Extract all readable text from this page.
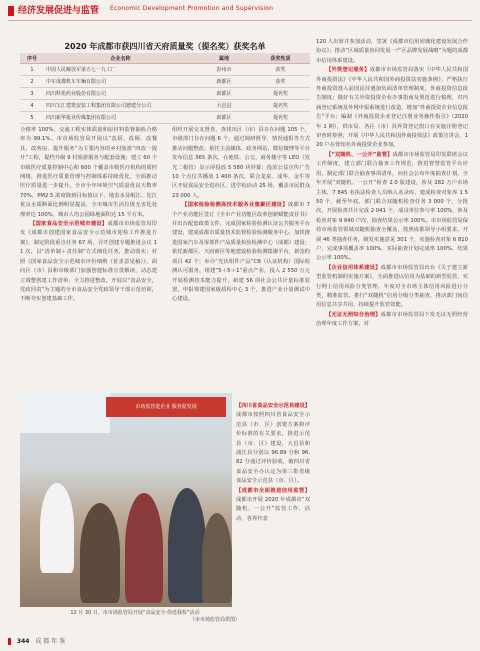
经济发展促进与监管 Economic Development Promotion and Supervision
2020 年成都市获四川省天府质量奖（提名奖）获奖名单
序号	企业名称	属地	获奖性质
1	中国人民解放军第五七一九工厂	彭州市	获奖
2	中车成都机车车辆有限公司	新都区	获奖
3	四川科伦药业股份有限公司	新都区	提名奖
4	四川宝汇建筑安装工程集团有限公司德建分公司	大邑县	提名奖
5	四川新华报业传媒集团有限公司	新都区	提名奖

合格率 100%，交通工程实体质量和原材料监督抽检合格率为 99.1%。市市场监管局开展以“改厨、改厕、改餐具、改客房、提升服务”为主要内容的乡村旅游“四改一提升”工程，提档升级 9 村旅游服务与配套设施；建立 60 个市级医疗质量控制中心和 600 个覆盖市级医疗机构的质控网络，推进医疗质量管理与控制体系持续优化，全面推动医疗质量进一步提升。全市全年环境空气质量优良天数率 70%，PM2.5 浓度降到目标值以下，地表水及岷江、沱江优良水质断面比例明显提高，全市城市生活垃圾无害化处理率达 100%，城市人均公园绿地面积达 15 平方米。

【国家食品安全示范城市建设】成都市市场监管局印发《成都市创建国家食品安全示范城市迎检工作推进方案》，制定阶段重点任务 67 项，召开创建专题推进会议 11 次，以“清单制＋责任制”方式细化任务，推动落实；对照《国家食品安全示范城市评价细则（征求意见稿）》，面向区（市）县和市级部门加强创建标准宣贯解读，动态建立调整创建工作清单，全力推进整改。开展以“食品安全，党政同责”为主题的全市食品安全党政领导干部示范培训，不断夯实创建基础工作。

组织开展交叉督查，查找出区（市）县存在问题 105 个，市级部门存在问题 6 个，通过调研督导、情况通报等方式推动问题整改；依托主流媒体、政务网站、微信微博等平台发布信息 365 条次，在地铁、公交、商务楼宇等 LED（发光二极管）显示屏投放 5 580 块屏幕；投放公益宣传广告 10 个点位共播放 1 400 条次，联合龙泉、成华、金牛等区开展食品安全进社区、进学校活动 25 场，覆盖市民群众 23 000 人。

【国家检验检测高技术服务业集聚区建设】成都市 7 个产业功能区签订《全市产业功能区改革创新赋能责任书》并出台配套政策文件，完成国家检验检测认证公共服务平台建设，建成成都市质量技术监督检验检测服务中心，加快推进国家汽车及零部件产品质量检验检测中心（成都）建设；依托新都区、天府新区等地建设检验检测集聚平台，新签约项目 42 个；举办“光伏组件产品”CB（认证机构）国际检测认可服务，组建“5＋5＋1”重点产业，投入 2 550 万元开展检测技术能力提升，新建 56 项社会公共计量标准装置，申报筹建国家级质检中心 3 个，推进产业计量测试中心建设。

【四川省食品安全示范县建设】成都市按照四川省食品安全示范县（市、区）创建方案和评价标准的有关要求，推进示范县（市、区）建设，大邑县和浦江县分别以 96.89 分和 96.82 分通过评价验收，被四川省食品安全办认定为第三批省级食品安全示范县（市、区）。

【成都市全面推进信用监管】成都市开展 2020 年成都市“双随机、一公开”监管工作，活动、各界代表

120 人出席并参加活动，签署《成都市信用同城化建设发展合作协议》；推动“区域质量协同发展一产区品牌发展战略”为题的成都市信用体系建设。

【外资登记服务】成都市市场监管局落实《中华人民共和国外商投资法》《中华人民共和国外商投资法实施条例》，严格执行外商投资准入前国民待遇加负面清单管理制度，外商投资信息报告制度；做好有关外资投资企业办事指南及规范进行梳理，对内涵登记系统及外网申报系统进行改造，增加“外商投资企业信息报告”平台；编制《外商投资企业登记注册业务操作指引》（2020 年 1 期），供市局、各区（市）县外资登记窗口在实施注册登记审查时参照；开展《中华人民共和国外商投资法》政策宣讲会，120 户在蓉知名外商投资企业参加。

【“双随机、一公开”监管】成都市市场监管局印发联席会议工作制度，建立部门联合抽查工作规范，推进智慧监管平台应用，制定部门联合抽查事项清单，向社会公布年度抽查计划，全年开展“双随机、一公开”检查 2.0 版建设，涉及 282 万户市场主体，7 845 名执法检查人员纳入名录库，建成检查对象库 1 550 个，截至年底，部门联合双随机检查任务 3 000 个，分批次、开展检查共计完成 2 041 个，成员单位参与率 100%，涉及检查对象 9 840 户次，抽查结果公示率 100%。市市场监管局保持市场监管领域双随机抽查全覆盖，按照成都领导小组要求，开展 46 类抽查任务，制发实施意见 301 个，实施检查对象 6 810 户，完成事项覆盖率 100%，实际抽查计划完成率 100%，结果公示率 100%。

【企业信用体系建设】成都市市场监管局出台《关于建立新型监管机制的实施方案》，全面推进以信用为基础的新型监管，实行网上信用风险分类管理，年度对全市场主体信用风险进行分类，精准监管。推行“双随机”信用分级分类抽查，推动部门间信用信息共享共用，持续提升监管效能。

【无证无照综合治理】成都市市场监管局下发无证无照经营治理年度工作方案，对

市场监管进企业 服务促发展
12 月 30 日，市市场监管局开展“食品安全·你选我检”活动
（市市场监管局供图）
344 成 都 年 鉴
